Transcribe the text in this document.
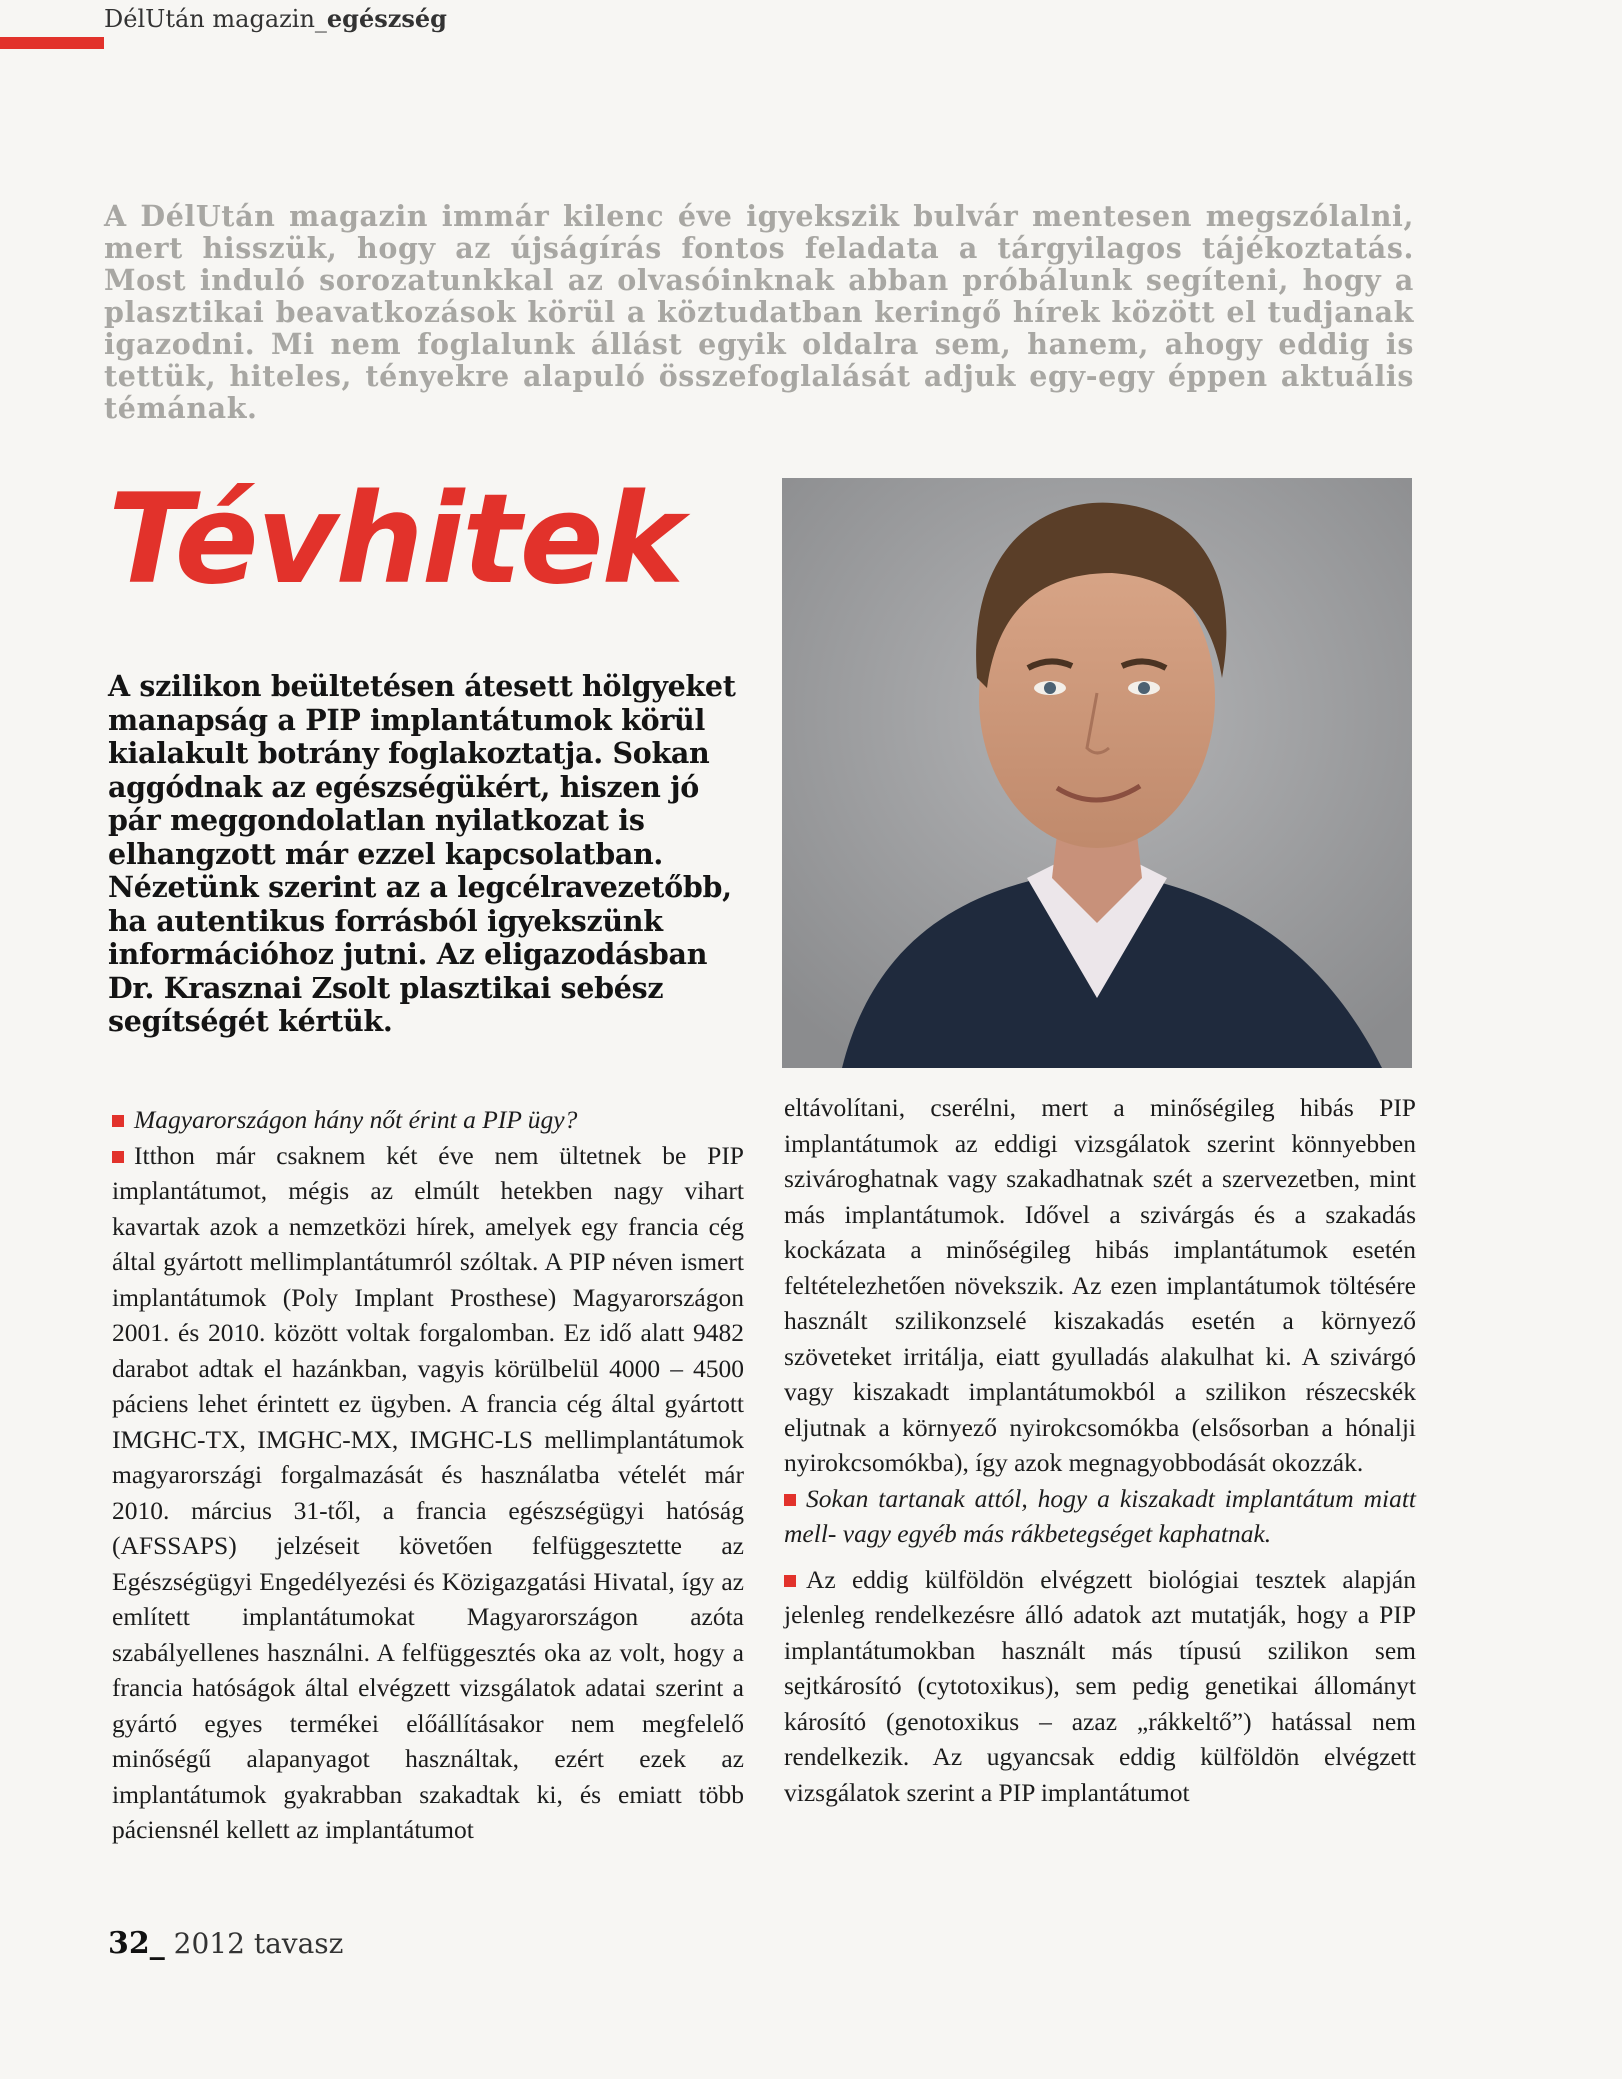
DélUtán magazin_egészség
A DélUtán magazin immár kilenc éve igyekszik bulvár mentesen megszólalni, mert hisszük, hogy az újságírás fontos feladata a tárgyilagos tájékoztatás. Most induló sorozatunkkal az olvasóinknak abban próbálunk segíteni, hogy a plasztikai beavatkozások körül a köztudatban keringő hírek között el tudjanak igazodni. Mi nem foglalunk állást egyik oldalra sem, hanem, ahogy eddig is tettük, hiteles, tényekre alapuló összefoglalását adjuk egy-egy éppen aktuális témának.
Tévhitek
A szilikon beültetésen átesett hölgyeket manapság a PIP implantátumok körül kialakult botrány foglakoztatja. Sokan aggódnak az egészségükért, hiszen jó pár meggondolatlan nyilatkozat is elhangzott már ezzel kapcsolatban. Nézetünk szerint az a legcélravezetőbb, ha autentikus forrásból igyekszünk információhoz jutni. Az eligazodásban Dr. Krasznai Zsolt plasztikai sebész segítségét kértük.

Magyarországon hány nőt érint a PIP ügy?

Itthon már csaknem két éve nem ültetnek be PIP implantátumot, mégis az elmúlt hetekben nagy vihart kavartak azok a nemzetközi hírek, amelyek egy francia cég által gyártott mellimplantátumról szóltak. A PIP néven ismert implantátumok (Poly Implant Prosthese) Magyarországon 2001. és 2010. között voltak forgalomban. Ez idő alatt 9482 darabot adtak el hazánkban, vagyis körülbelül 4000 – 4500 páciens lehet érintett ez ügyben. A francia cég által gyártott IMGHC-TX, IMGHC-MX, IMGHC-LS mellimplantátumok magyarországi forgalmazását és használatba vételét már 2010. március 31-től, a francia egészségügyi hatóság (AFSSAPS) jelzéseit követően felfüggesztette az Egészségügyi Engedélyezési és Közigazgatási Hivatal, így az említett implantátumokat Magyarországon azóta szabályellenes használni. A felfüggesztés oka az volt, hogy a francia hatóságok által elvégzett vizsgálatok adatai szerint a gyártó egyes termékei előállításakor nem megfelelő minőségű alapanyagot használtak, ezért ezek az implantátumok gyakrabban szakadtak ki, és emiatt több páciensnél kellett az implantátumot

eltávolítani, cserélni, mert a minőségileg hibás PIP implantátumok az eddigi vizsgálatok szerint könnyebben szivároghatnak vagy szakadhatnak szét a szervezetben, mint más implantátumok. Idővel a szivárgás és a szakadás kockázata a minőségileg hibás implantátumok esetén feltételezhetően növekszik. Az ezen implantátumok töltésére használt szilikonzselé kiszakadás esetén a környező szöveteket irritálja, eiatt gyulladás alakulhat ki. A szivárgó vagy kiszakadt implantátumokból a szilikon részecskék eljutnak a környező nyirokcsomókba (elsősorban a hónalji nyirokcsomókba), így azok megnagyobbodását okozzák.

Sokan tartanak attól, hogy a kiszakadt implantátum miatt mell- vagy egyéb más rákbetegséget kaphatnak.

Az eddig külföldön elvégzett biológiai tesztek alapján jelenleg rendelkezésre álló adatok azt mutatják, hogy a PIP implantátumokban használt más típusú szilikon sem sejtkárosító (cytotoxikus), sem pedig genetikai állományt károsító (genotoxikus – azaz „rákkeltő”) hatással nem rendelkezik. Az ugyancsak eddig külföldön elvégzett vizsgálatok szerint a PIP implantátumot

32_ 2012 tavasz
